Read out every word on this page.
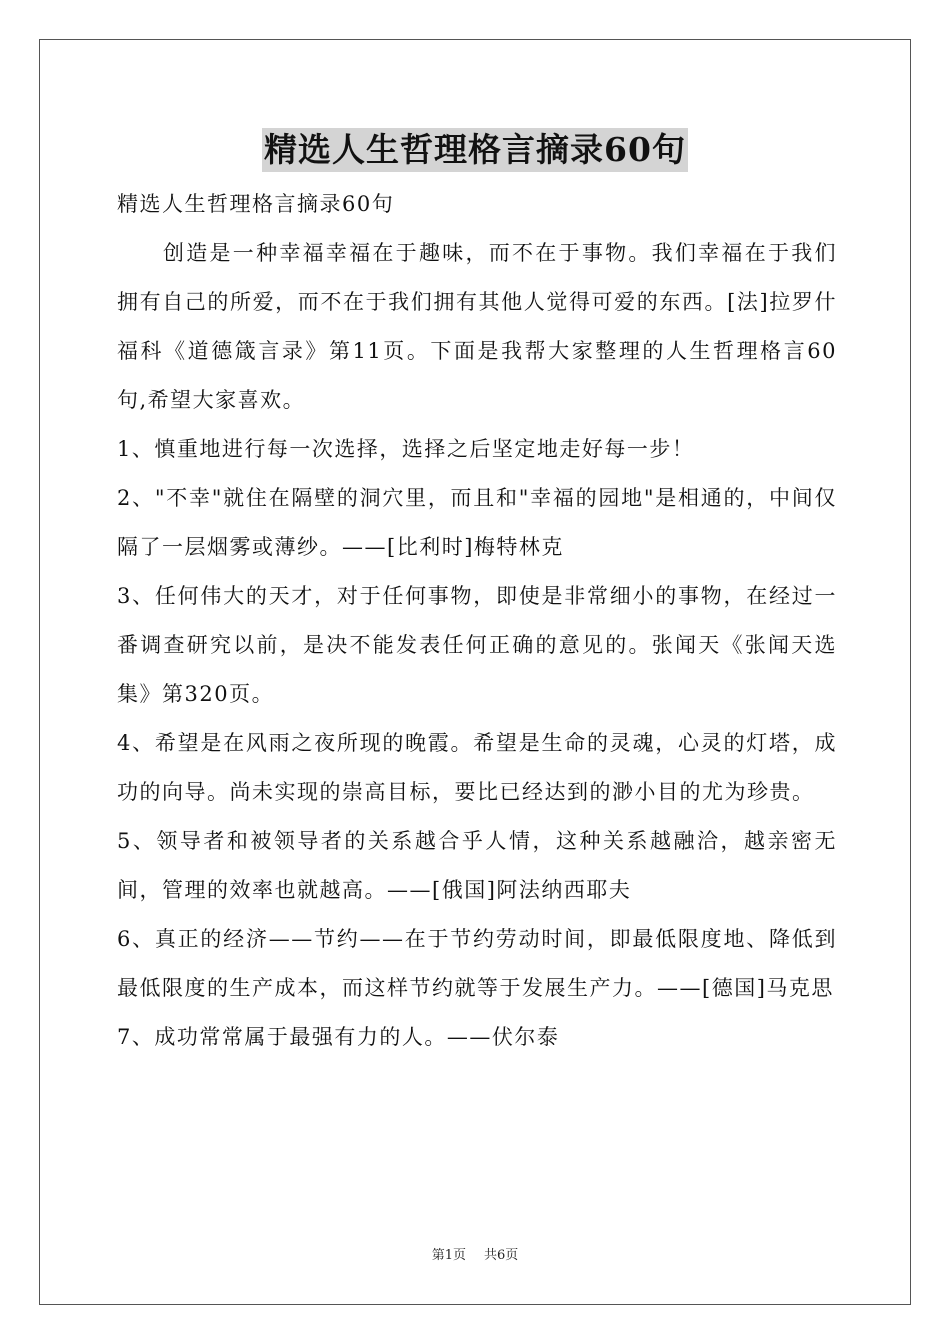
精选人生哲理格言摘录60句

精选人生哲理格言摘录60句

创造是一种幸福幸福在于趣味，而不在于事物。我们幸福在于我们拥有自己的所爱，而不在于我们拥有其他人觉得可爱的东西。[法]拉罗什福科《道德箴言录》第11页。下面是我帮大家整理的人生哲理格言60句,希望大家喜欢。

1、慎重地进行每一次选择，选择之后坚定地走好每一步！

2、"不幸"就住在隔壁的洞穴里，而且和"幸福的园地"是相通的，中间仅隔了一层烟雾或薄纱。——[比利时]梅特林克

3、任何伟大的天才，对于任何事物，即使是非常细小的事物，在经过一番调查研究以前，是决不能发表任何正确的意见的。张闻天《张闻天选集》第320页。

4、希望是在风雨之夜所现的晚霞。希望是生命的灵魂，心灵的灯塔，成功的向导。尚未实现的崇高目标，要比已经达到的渺小目的尤为珍贵。

5、领导者和被领导者的关系越合乎人情，这种关系越融洽，越亲密无间，管理的效率也就越高。——[俄国]阿法纳西耶夫

6、真正的经济——节约——在于节约劳动时间，即最低限度地、降低到最低限度的生产成本，而这样节约就等于发展生产力。——[德国]马克思

7、成功常常属于最强有力的人。——伏尔泰

第1页 共6页
